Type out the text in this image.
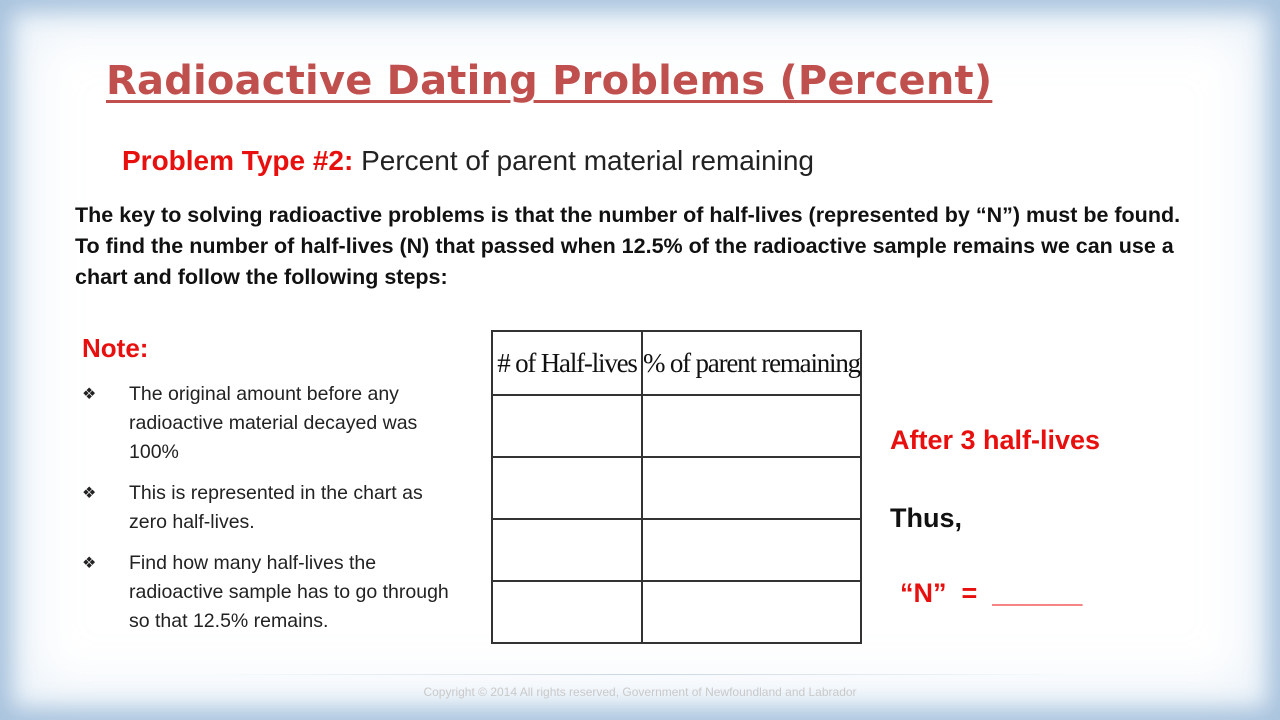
Radioactive Dating Problems (Percent)
Problem Type #2: Percent of parent material remaining
The key to solving radioactive problems is that the number of half-lives (represented by “N”) must be found. To find the number of half-lives (N) that passed when 12.5% of the radioactive sample remains we can use a chart and follow the following steps:
Note:
❖ The original amount before any radioactive material decayed was 100%
❖ This is represented in the chart as zero half-lives.
❖ Find how many half-lives the radioactive sample has to go through so that 12.5% remains.
# of Half-lives	% of parent remaining

After 3 half-lives
Thus,
“N”  =  ______
Copyright © 2014 All rights reserved, Government of Newfoundland and Labrador
